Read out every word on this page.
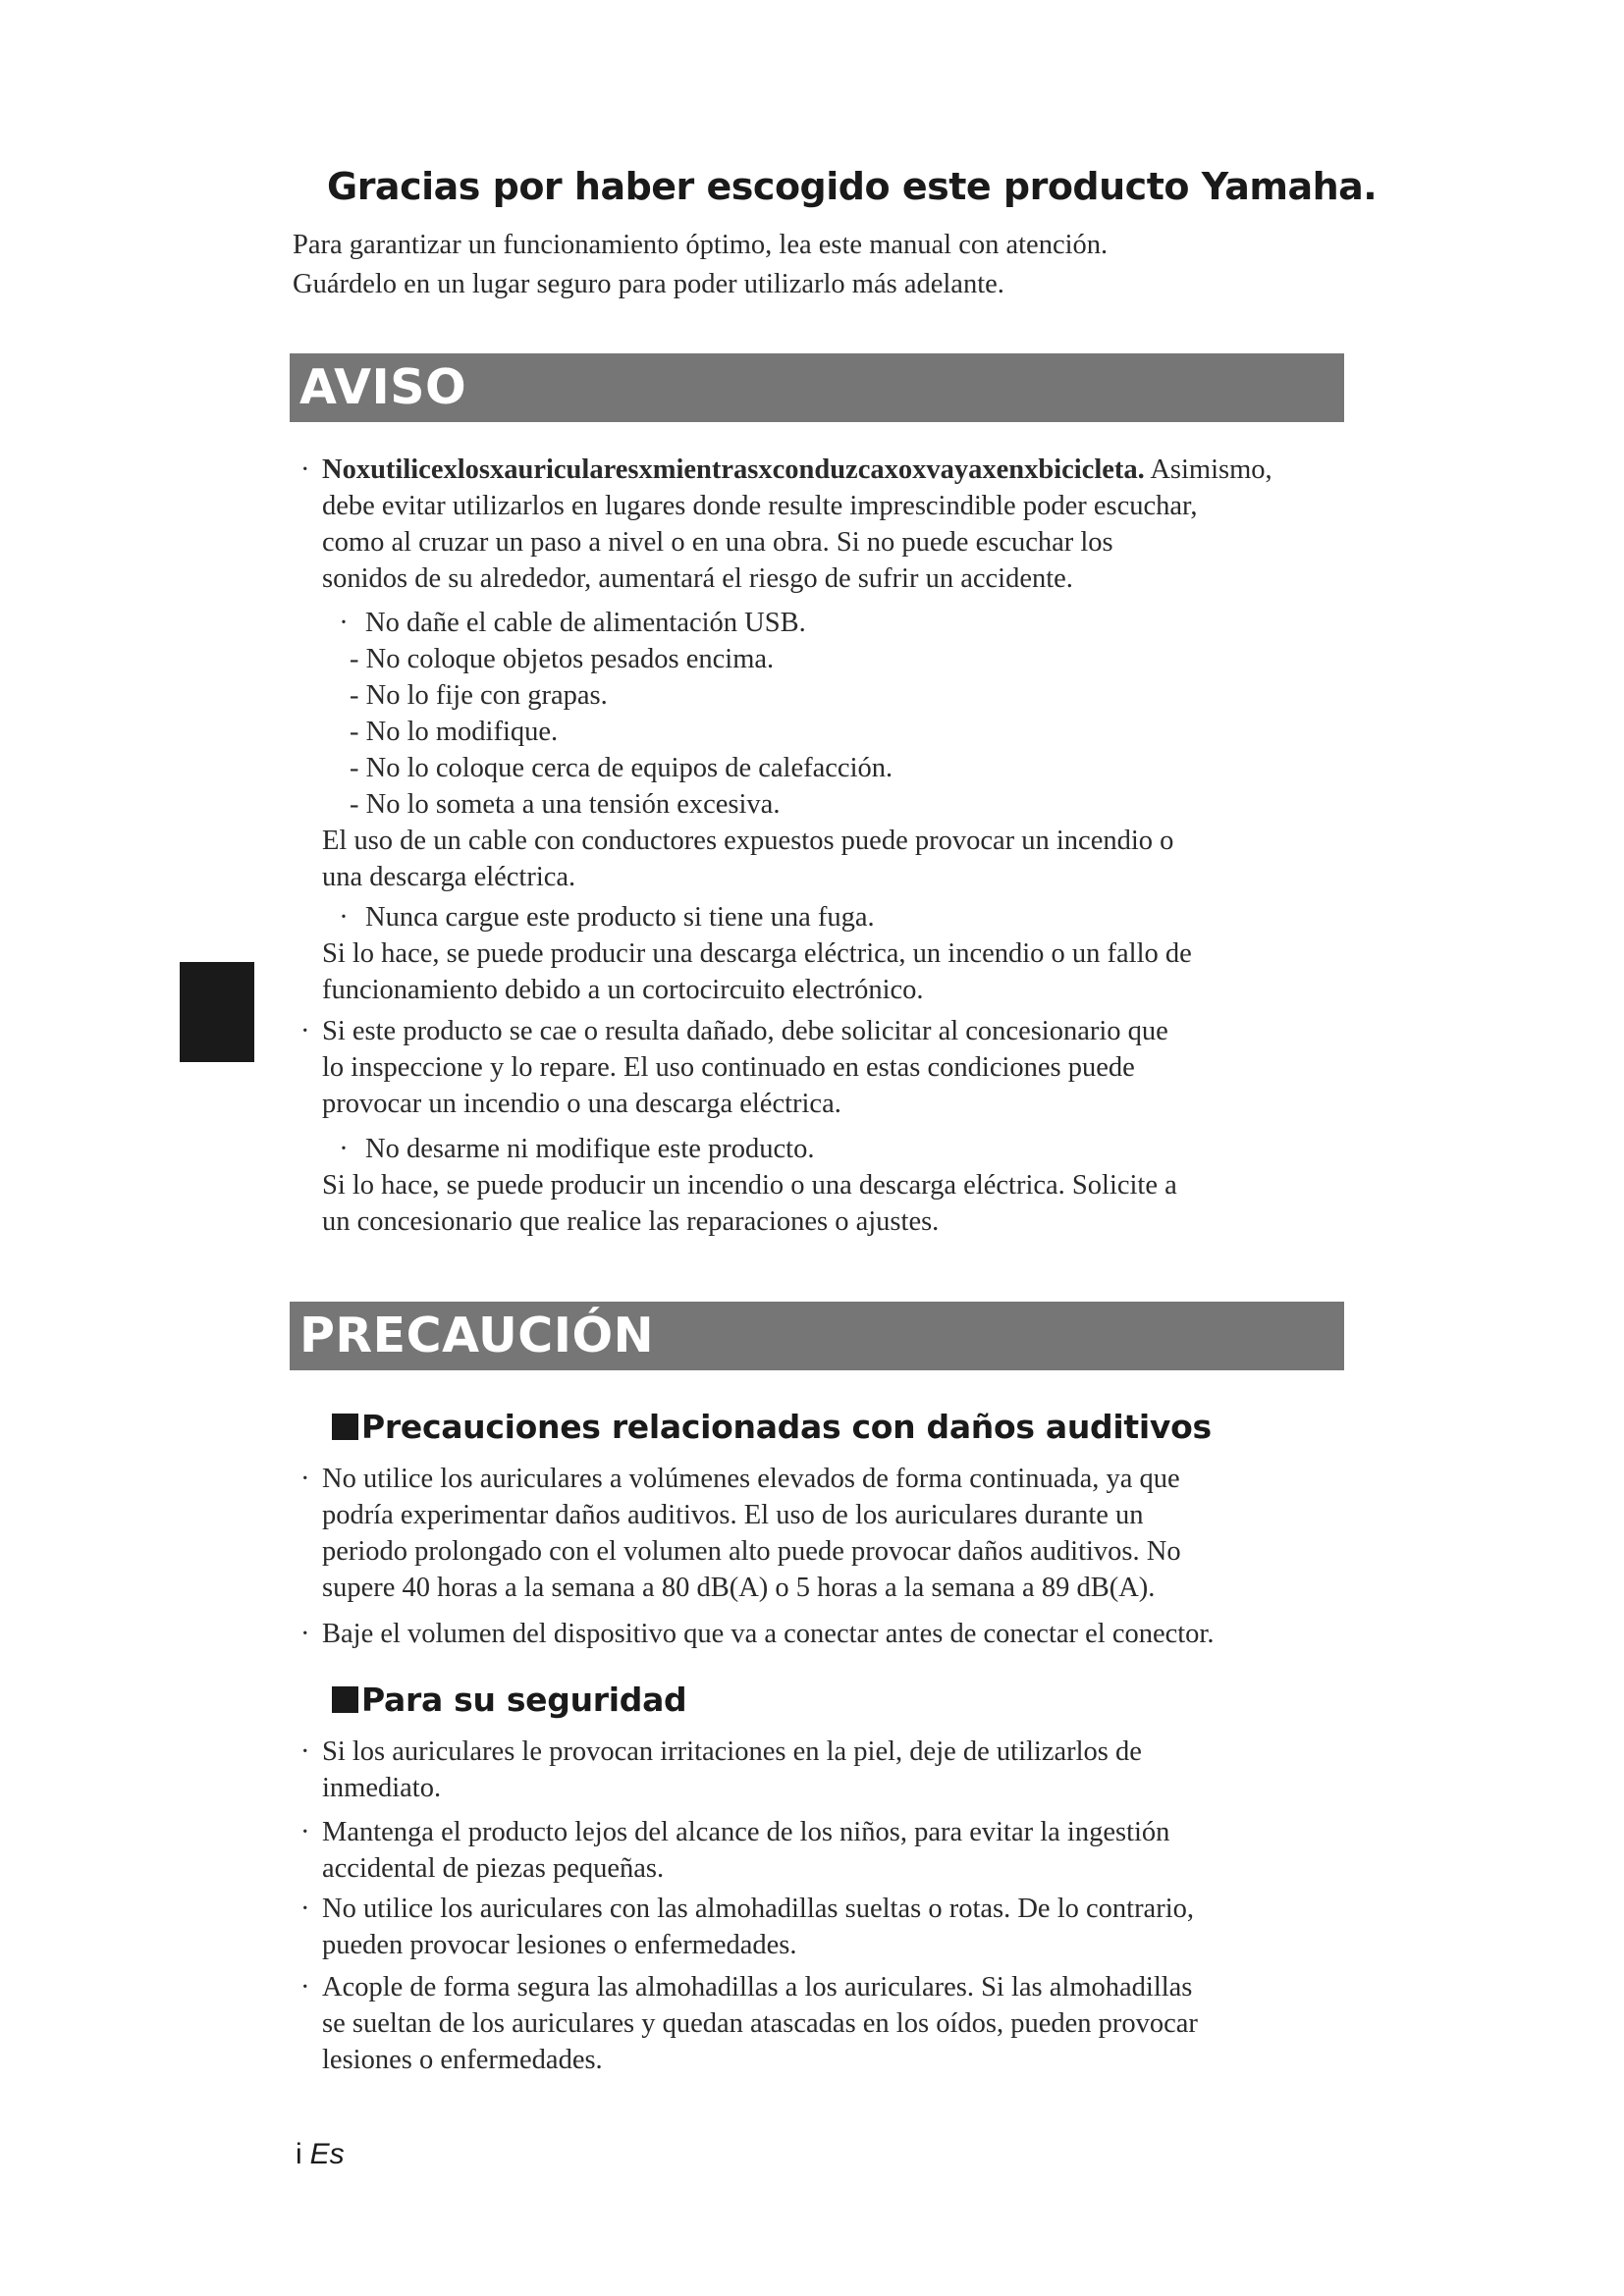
Gracias por haber escogido este producto Yamaha.
Para garantizar un funcionamiento óptimo, lea este manual con atención.
Guárdelo en un lugar seguro para poder utilizarlo más adelante.
AVISO
· Noxutilicexlosxauricularesxmientrasxconduzcaxoxvayaxenxbicicleta. Asimismo,
debe evitar utilizarlos en lugares donde resulte imprescindible poder escuchar,
como al cruzar un paso a nivel o en una obra. Si no puede escuchar los
sonidos de su alrededor, aumentará el riesgo de sufrir un accidente.
· No dañe el cable de alimentación USB.
- No coloque objetos pesados encima.
- No lo fije con grapas.
- No lo modifique.
- No lo coloque cerca de equipos de calefacción.
- No lo someta a una tensión excesiva.
El uso de un cable con conductores expuestos puede provocar un incendio o
una descarga eléctrica.
· Nunca cargue este producto si tiene una fuga.
Si lo hace, se puede producir una descarga eléctrica, un incendio o un fallo de
funcionamiento debido a un cortocircuito electrónico.
· Si este producto se cae o resulta dañado, debe solicitar al concesionario que
lo inspeccione y lo repare. El uso continuado en estas condiciones puede
provocar un incendio o una descarga eléctrica.
· No desarme ni modifique este producto.
Si lo hace, se puede producir un incendio o una descarga eléctrica. Solicite a
un concesionario que realice las reparaciones o ajustes.
PRECAUCIÓN
Precauciones relacionadas con daños auditivos
· No utilice los auriculares a volúmenes elevados de forma continuada, ya que
podría experimentar daños auditivos. El uso de los auriculares durante un
periodo prolongado con el volumen alto puede provocar daños auditivos. No
supere 40 horas a la semana a 80 dB(A) o 5 horas a la semana a 89 dB(A).
· Baje el volumen del dispositivo que va a conectar antes de conectar el conector.
Para su seguridad
· Si los auriculares le provocan irritaciones en la piel, deje de utilizarlos de
inmediato.
· Mantenga el producto lejos del alcance de los niños, para evitar la ingestión
accidental de piezas pequeñas.
· No utilice los auriculares con las almohadillas sueltas o rotas. De lo contrario,
pueden provocar lesiones o enfermedades.
· Acople de forma segura las almohadillas a los auriculares. Si las almohadillas
se sueltan de los auriculares y quedan atascadas en los oídos, pueden provocar
lesiones o enfermedades.
i Es
